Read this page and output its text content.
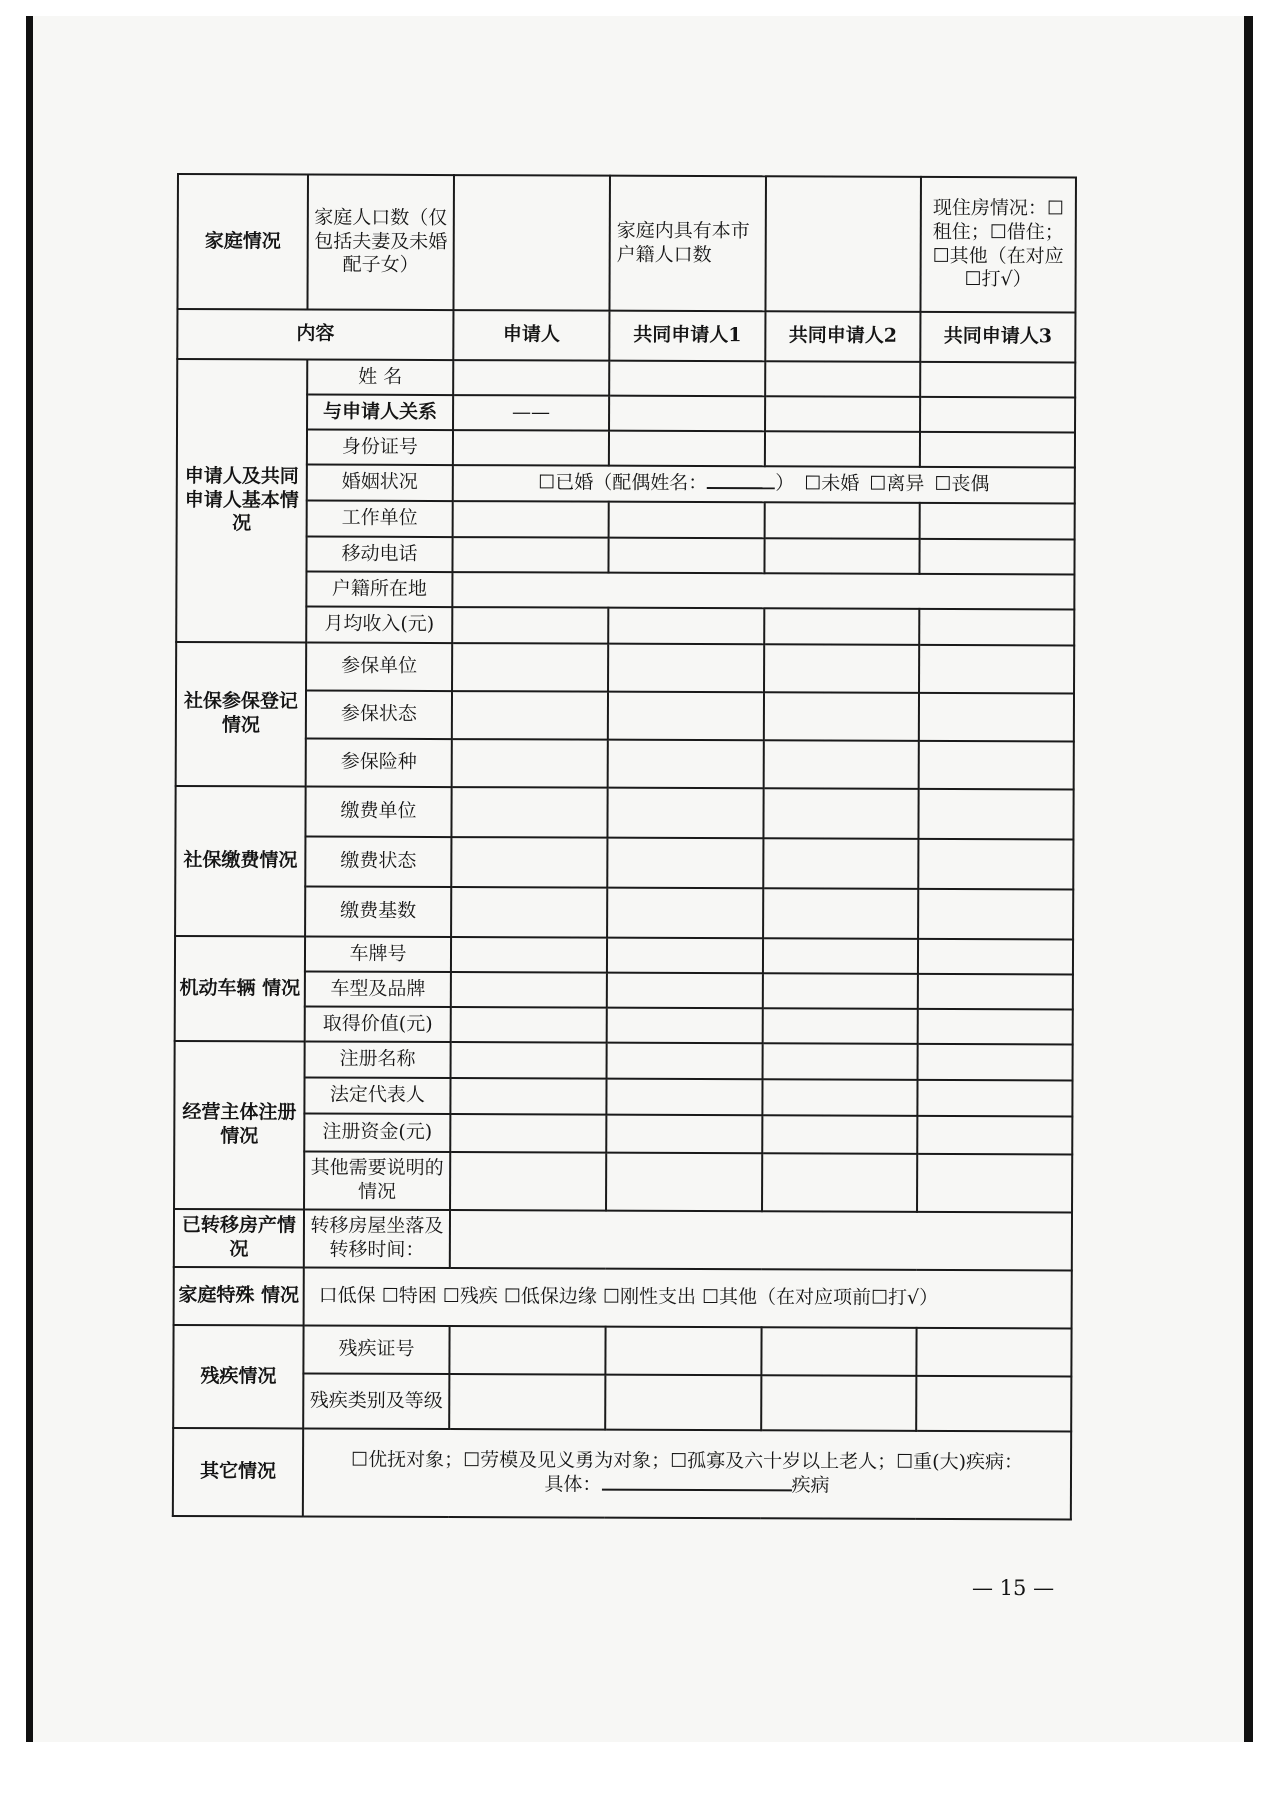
家庭情况	家庭人口数（仅包括夫妻及未婚配子女）		家庭内具有本市户籍人口数		现住房情况：☐租住；☐借住；☐其他（在对应☐打√）
内容		申请人	共同申请人1	共同申请人2	共同申请人3
申请人及共同申请人基本情况	姓 名				
	与申请人关系	——			
	身份证号				
	婚姻状况	☐已婚（配偶姓名： ） ☐未婚 ☐离异 ☐丧偶			
	工作单位				
	移动电话				
	户籍所在地				
	月均收入(元)				
社保参保登记情况	参保单位				
	参保状态				
	参保险种				
社保缴费情况	缴费单位				
	缴费状态				
	缴费基数				
机动车辆 情况	车牌号				
	车型及品牌				
	取得价值(元)				
经营主体注册情况	注册名称				
	法定代表人				
	注册资金(元)				
	其他需要说明的情况				
已转移房产情况	转移房屋坐落及转移时间：				
家庭特殊 情况	口低保 ☐特困 ☐残疾 ☐低保边缘 ☐刚性支出 ☐其他（在对应项前☐打√）				
残疾情况	残疾证号				
	残疾类别及等级				
其它情况	☐优抚对象；☐劳模及见义勇为对象；☐孤寡及六十岁以上老人；☐重(大)疾病：
具体： 疾病				
— 15 —
